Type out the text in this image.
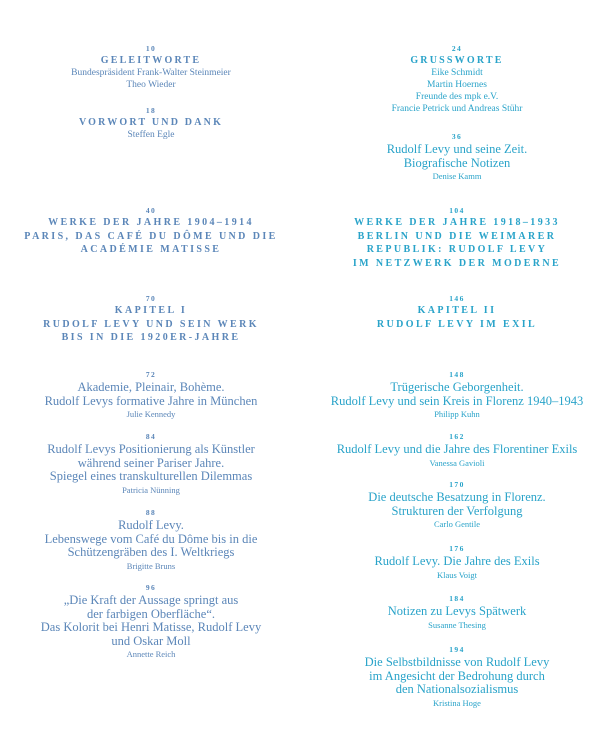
10
GELEITWORTE
Bundespräsident Frank-Walter Steinmeier
Theo Wieder
18
VORWORT UND DANK
Steffen Egle
40
WERKE DER JAHRE 1904–1914
PARIS, DAS CAFÉ DU DÔME UND DIE
ACADÉMIE MATISSE
70
KAPITEL I
RUDOLF LEVY UND SEIN WERK
BIS IN DIE 1920ER-JAHRE
72
Akademie, Pleinair, Bohème.
Rudolf Levys formative Jahre in München
Julie Kennedy
84
Rudolf Levys Positionierung als Künstler
während seiner Pariser Jahre.
Spiegel eines transkulturellen Dilemmas
Patricia Nünning
88
Rudolf Levy.
Lebenswege vom Café du Dôme bis in die
Schützengräben des I. Weltkriegs
Brigitte Bruns
96
„Die Kraft der Aussage springt aus
der farbigen Oberfläche“.
Das Kolorit bei Henri Matisse, Rudolf Levy
und Oskar Moll
Annette Reich
24
GRUSSWORTE
Eike Schmidt
Martin Hoernes
Freunde des mpk e.V.
Francie Petrick und Andreas Stühr
36
Rudolf Levy und seine Zeit.
Biografische Notizen
Denise Kamm
104
WERKE DER JAHRE 1918–1933
BERLIN UND DIE WEIMARER
REPUBLIK: RUDOLF LEVY
IM NETZWERK DER MODERNE
146
KAPITEL II
RUDOLF LEVY IM EXIL
148
Trügerische Geborgenheit.
Rudolf Levy und sein Kreis in Florenz 1940–1943
Philipp Kuhn
162
Rudolf Levy und die Jahre des Florentiner Exils
Vanessa Gavioli
170
Die deutsche Besatzung in Florenz.
Strukturen der Verfolgung
Carlo Gentile
176
Rudolf Levy. Die Jahre des Exils
Klaus Voigt
184
Notizen zu Levys Spätwerk
Susanne Thesing
194
Die Selbstbildnisse von Rudolf Levy
im Angesicht der Bedrohung durch
den Nationalsozialismus
Kristina Hoge
